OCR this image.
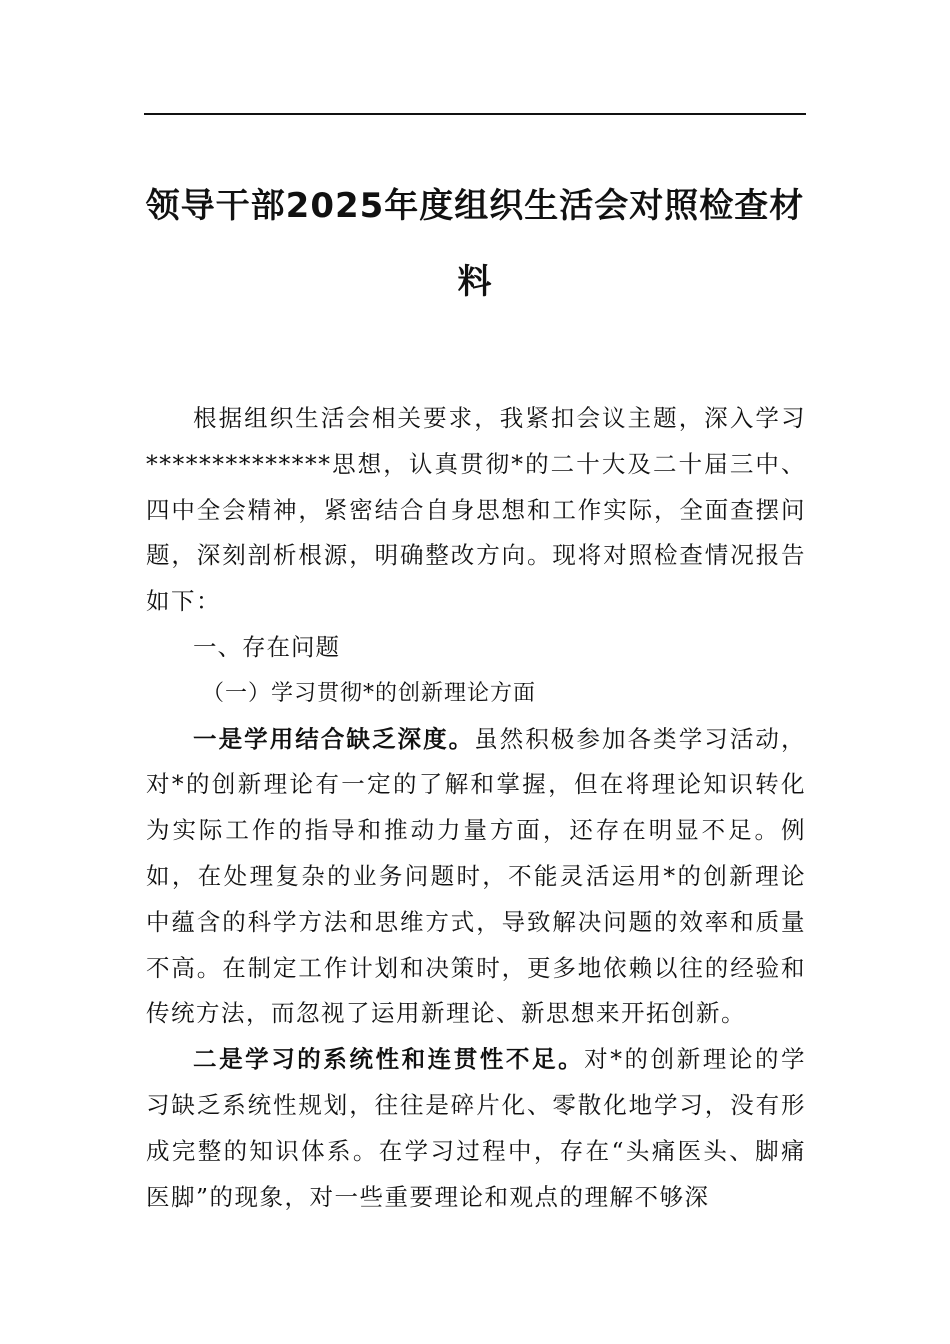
领导干部2025年度组织生活会对照检查材料

根据组织生活会相关要求，我紧扣会议主题，深入学习**************思想，认真贯彻*的二十大及二十届三中、四中全会精神，紧密结合自身思想和工作实际，全面查摆问题，深刻剖析根源，明确整改方向。现将对照检查情况报告如下：

一、存在问题

（一）学习贯彻*的创新理论方面

一是学用结合缺乏深度。虽然积极参加各类学习活动，对*的创新理论有一定的了解和掌握，但在将理论知识转化为实际工作的指导和推动力量方面，还存在明显不足。例如，在处理复杂的业务问题时，不能灵活运用*的创新理论中蕴含的科学方法和思维方式，导致解决问题的效率和质量不高。在制定工作计划和决策时，更多地依赖以往的经验和传统方法，而忽视了运用新理论、新思想来开拓创新。

二是学习的系统性和连贯性不足。对*的创新理论的学习缺乏系统性规划，往往是碎片化、零散化地学习，没有形成完整的知识体系。在学习过程中，存在“头痛医头、脚痛医脚”的现象，对一些重要理论和观点的理解不够深
